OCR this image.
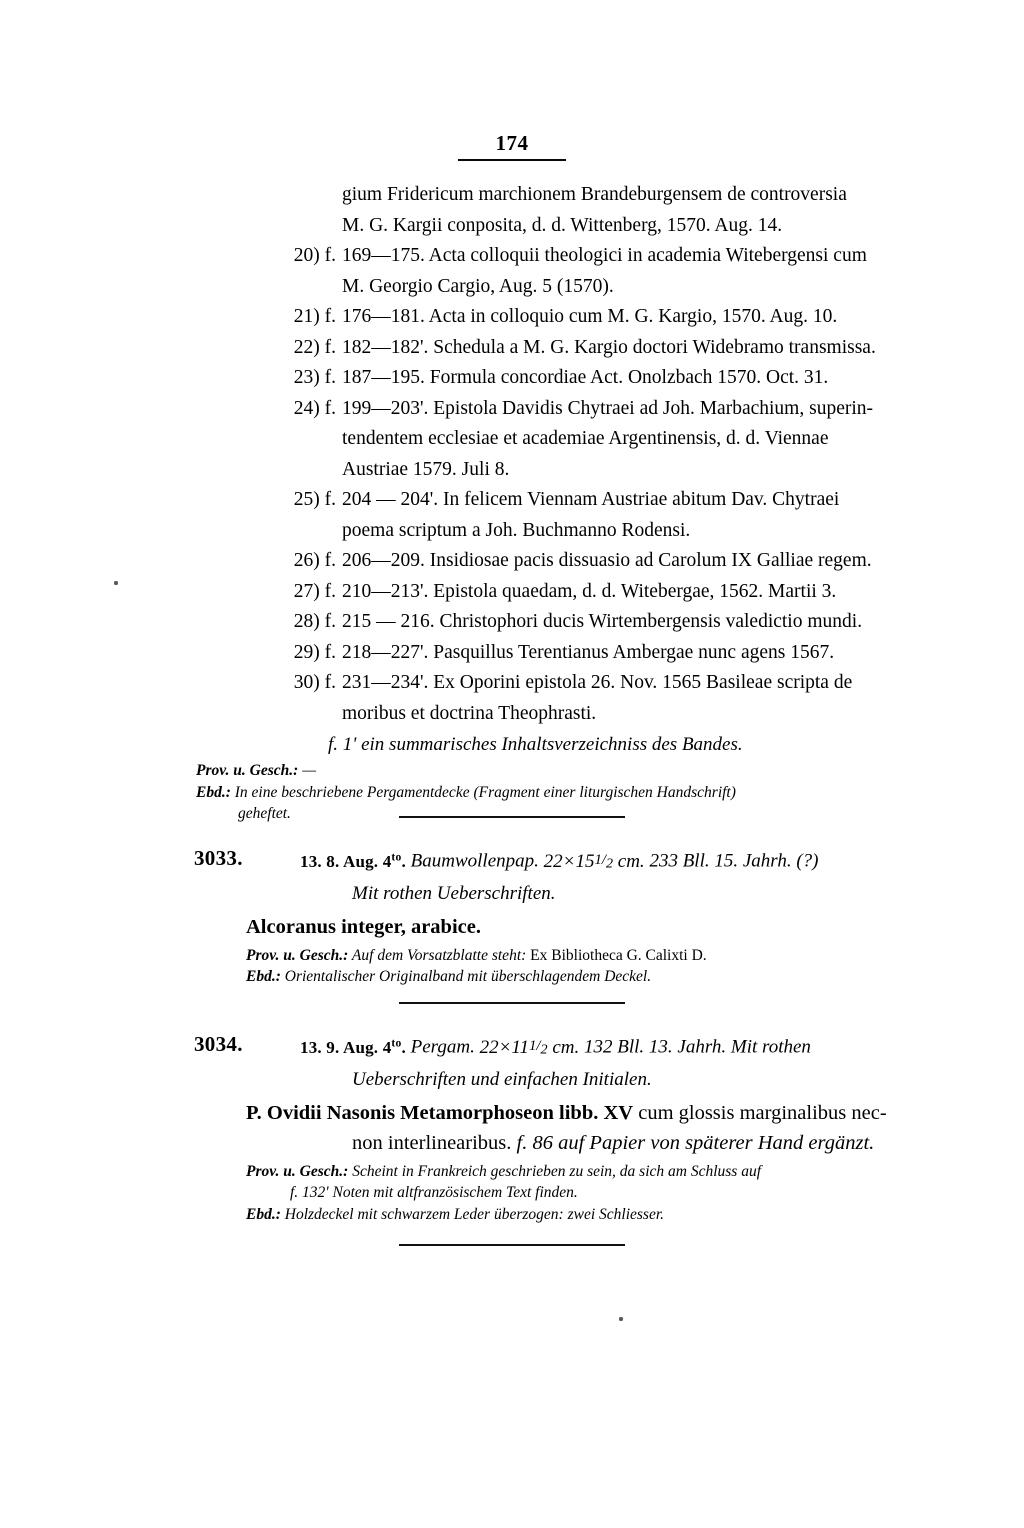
174
gium Fridericum marchionem Brandeburgensem de controversia
M. G. Kargii conposita, d. d. Wittenberg, 1570. Aug. 14.
20) f. 169—175. Acta colloquii theologici in academia Witebergensi cum
M. Georgio Cargio, Aug. 5 (1570).
21) f. 176—181. Acta in colloquio cum M. G. Kargio, 1570. Aug. 10.
22) f. 182—182'. Schedula a M. G. Kargio doctori Widebramo transmissa.
23) f. 187—195. Formula concordiae Act. Onolzbach 1570. Oct. 31.
24) f. 199—203'. Epistola Davidis Chytraei ad Joh. Marbachium, superin-
tendentem ecclesiae et academiae Argentinensis, d. d. Viennae
Austriae 1579. Juli 8.
25) f. 204 — 204'. In felicem Viennam Austriae abitum Dav. Chytraei
poema scriptum a Joh. Buchmanno Rodensi.
26) f. 206—209. Insidiosae pacis dissuasio ad Carolum IX Galliae regem.
27) f. 210—213'. Epistola quaedam, d. d. Witebergae, 1562. Martii 3.
28) f. 215 — 216. Christophori ducis Wirtembergensis valedictio mundi.
29) f. 218—227'. Pasquillus Terentianus Ambergae nunc agens 1567.
30) f. 231—234'. Ex Oporini epistola 26. Nov. 1565 Basileae scripta de
moribus et doctrina Theophrasti.
f. 1' ein summarisches Inhaltsverzeichniss des Bandes.
Prov. u. Gesch.: —
Ebd.: In eine beschriebene Pergamentdecke (Fragment einer liturgischen Handschrift)
geheftet.
3033.	13. 8. Aug. $4^{to}$. Baumwollenpap. 22×151/2 cm. 233 Bll. 15. Jahrh. (?)
Mit rothen Ueberschriften.
Alcoranus integer, arabice.
Prov. u. Gesch.: Auf dem Vorsatzblatte steht: Ex Bibliotheca G. Calixti D.
Ebd.: Orientalischer Originalband mit überschlagendem Deckel.
3034.	13. 9. Aug. $4^{to}$. Pergam. 22×111/2 cm. 132 Bll. 13. Jahrh. Mit rothen
Ueberschriften und einfachen Initialen.
P. Ovidii Nasonis Metamorphoseon libb. XV cum glossis marginalibus nec-
non interlinearibus. f. 86 auf Papier von späterer Hand ergänzt.
Prov. u. Gesch.: Scheint in Frankreich geschrieben zu sein, da sich am Schluss auf
f. 132' Noten mit altfranzösischem Text finden.
Ebd.: Holzdeckel mit schwarzem Leder überzogen: zwei Schliesser.
